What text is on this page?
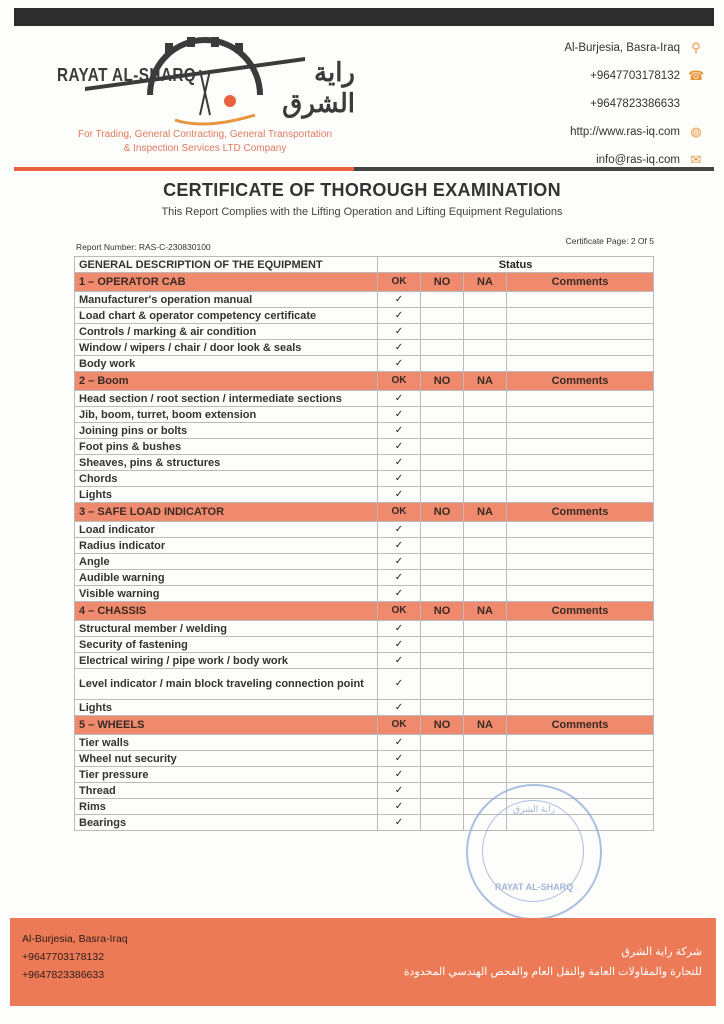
RAYAT AL-SHARQ	راية الشرق
For Trading, General Contracting, General Transportation
& Inspection Services LTD Company
Al-Burjesia, Basra-Iraq ⚲
+9647703178132 ☎
+9647823386633
http://www.ras-iq.com ◍
info@ras-iq.com ✉
CERTIFICATE OF THOROUGH EXAMINATION
This Report Complies with the Lifting Operation and Lifting Equipment Regulations
Report Number: RAS-C-230830100
Certificate Page: 2 Of 5
GENERAL DESCRIPTION OF THE EQUIPMENT	Status			
1 – OPERATOR CAB	OK	NO	NA	Comments
Manufacturer's operation manual	✓			
Load chart & operator competency certificate	✓			
Controls / marking & air condition	✓			
Window / wipers / chair / door look & seals	✓			
Body work	✓			
2 – Boom	OK	NO	NA	Comments
Head section / root section / intermediate sections	✓			
Jib, boom, turret, boom extension	✓			
Joining pins or bolts	✓			
Foot pins & bushes	✓			
Sheaves, pins & structures	✓			
Chords	✓			
Lights	✓			
3 – SAFE LOAD INDICATOR	OK	NO	NA	Comments
Load indicator	✓			
Radius indicator	✓			
Angle	✓			
Audible warning	✓			
Visible warning	✓			
4 – CHASSIS	OK	NO	NA	Comments
Structural member / welding	✓			
Security of fastening	✓			
Electrical wiring / pipe work / body work	✓			
Level indicator / main block traveling connection point	✓			
Lights	✓			
5 – WHEELS	OK	NO	NA	Comments
Tier walls	✓			
Wheel nut security	✓			
Tier pressure	✓			
Thread	✓			
Rims	✓			
Bearings	✓			
راية الشرق
RAYAT AL-SHARQ
Al-Burjesia, Basra-Iraq
+9647703178132
+9647823386633
شركة راية الشرق
للتجارة والمقاولات العامة والنقل العام والفحص الهندسي المحدودة
